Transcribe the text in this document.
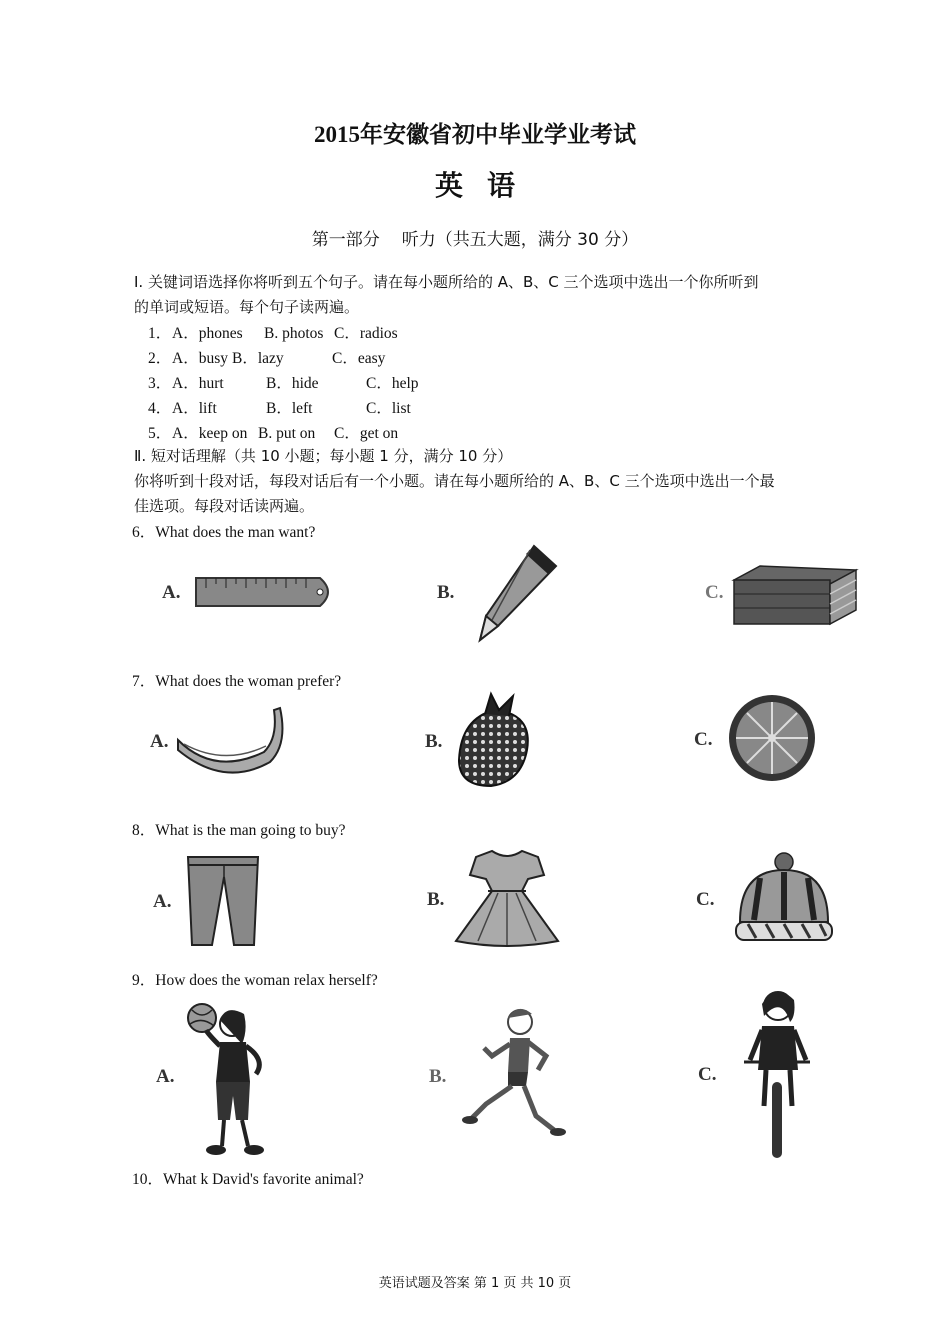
2015年安徽省初中毕业学业考试
英语
第一部分 听力（共五大题，满分 30 分）
Ⅰ. 关键词语选择你将听到五个句子。请在每小题所给的 A、B、C 三个选项中选出一个你所听到
的单词或短语。每个句子读两遍。
1．A．phones B. photos C．radios
2．A．busy B．lazy	C．easy
3．A．hurt	B．hide	C．help
4．A．lift	B．left	C．list
5．A．keep on B. put on C．get on
Ⅱ. 短对话理解（共 10 小题；每小题 1 分，满分 10 分）
你将听到十段对话，每段对话后有一个小题。请在每小题所给的 A、B、C 三个选项中选出一个最
佳选项。每段对话读两遍。
6．What does the man want?
7．What does the woman prefer?
8．What is the man going to buy?
9．How does the woman relax herself?
10．What k David's favorite animal?
A.	B.	C.
A.	B.	C.
A.	B.	C.
A.	B.	C.
英语试题及答案 第 1 页 共 10 页
